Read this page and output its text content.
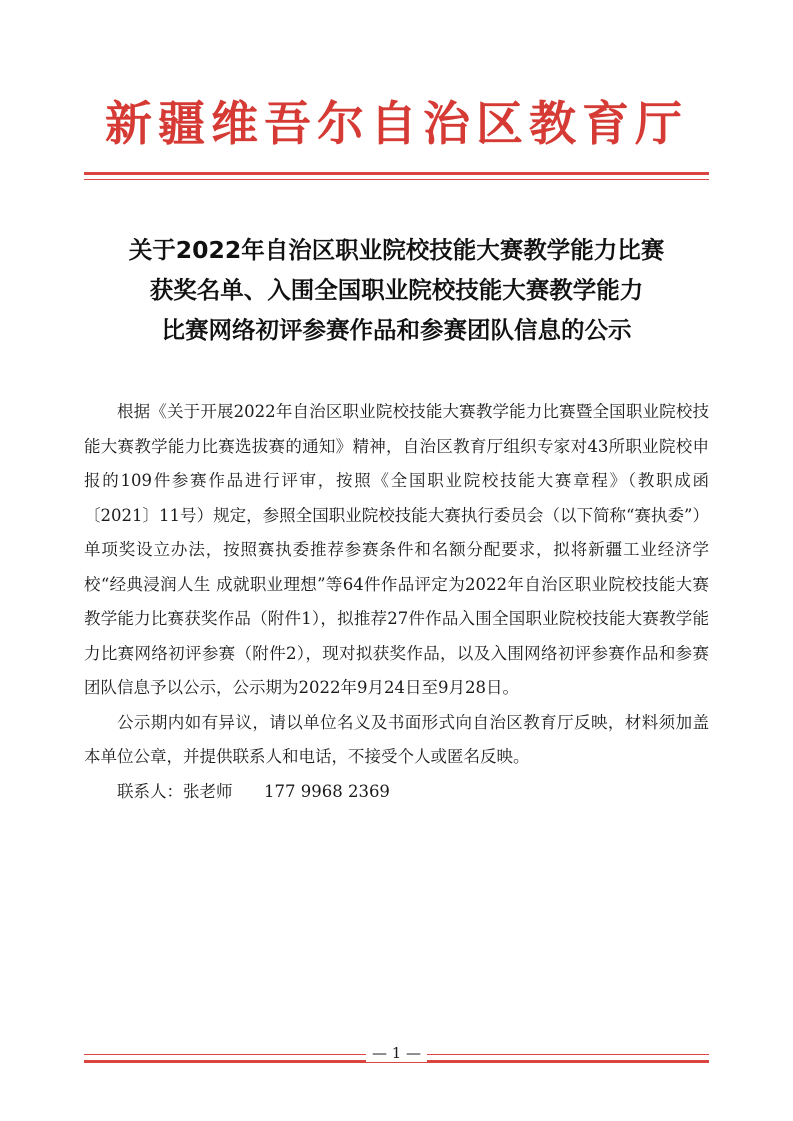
新疆维吾尔自治区教育厅
关于2022年自治区职业院校技能大赛教学能力比赛
获奖名单、入围全国职业院校技能大赛教学能力
比赛网络初评参赛作品和参赛团队信息的公示

根据《关于开展2022年自治区职业院校技能大赛教学能力比赛暨全国职业院校技能大赛教学能力比赛选拔赛的通知》精神，自治区教育厅组织专家对43所职业院校申报的109件参赛作品进行评审，按照《全国职业院校技能大赛章程》（教职成函〔2021〕11号）规定，参照全国职业院校技能大赛执行委员会（以下简称“赛执委”）单项奖设立办法，按照赛执委推荐参赛条件和名额分配要求，拟将新疆工业经济学校“经典浸润人生 成就职业理想”等64件作品评定为2022年自治区职业院校技能大赛教学能力比赛获奖作品（附件1），拟推荐27件作品入围全国职业院校技能大赛教学能力比赛网络初评参赛（附件2），现对拟获奖作品，以及入围网络初评参赛作品和参赛团队信息予以公示，公示期为2022年9月24日至9月28日。

公示期内如有异议，请以单位名义及书面形式向自治区教育厅反映，材料须加盖本单位公章，并提供联系人和电话，不接受个人或匿名反映。

联系人：张老师      177 9968 2369

— 1 —
